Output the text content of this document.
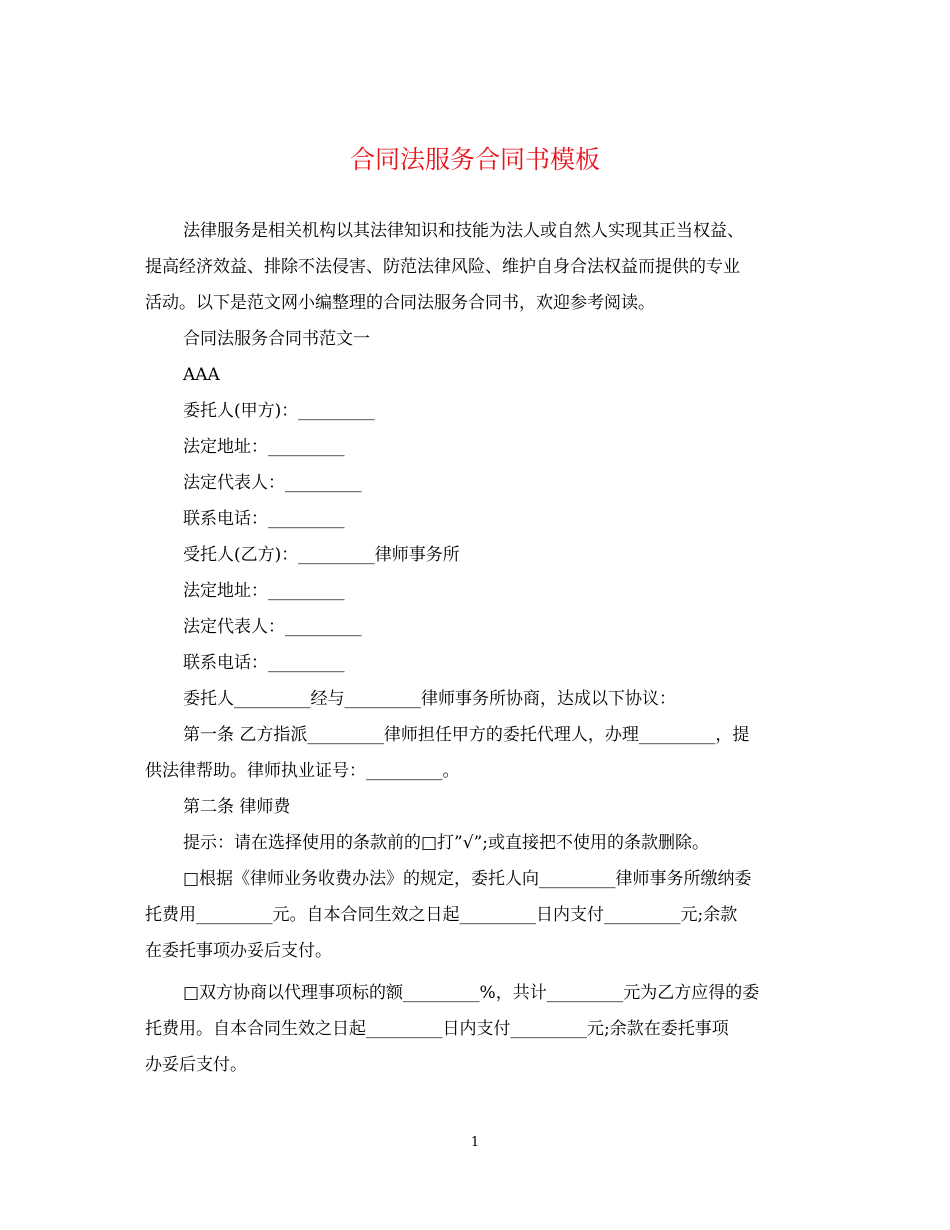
合同法服务合同书模板
法律服务是相关机构以其法律知识和技能为法人或自然人实现其正当权益、
提高经济效益、排除不法侵害、防范法律风险、维护自身合法权益而提供的专业
活动。以下是范文网小编整理的合同法服务合同书，欢迎参考阅读。
合同法服务合同书范文一
AAA
委托人(甲方)：_________
法定地址：_________
法定代表人：_________
联系电话：_________
受托人(乙方)：_________律师事务所
法定地址：_________
法定代表人：_________
联系电话：_________
委托人_________经与_________律师事务所协商，达成以下协议：
第一条 乙方指派_________律师担任甲方的委托代理人，办理_________，提
供法律帮助。律师执业证号：_________。
第二条 律师费
提示：请在选择使用的条款前的□打”√”;或直接把不使用的条款删除。
□根据《律师业务收费办法》的规定，委托人向_________律师事务所缴纳委
托费用_________元。自本合同生效之日起_________日内支付_________元;余款
在委托事项办妥后支付。
□双方协商以代理事项标的额_________%，共计_________元为乙方应得的委
托费用。自本合同生效之日起_________日内支付_________元;余款在委托事项
办妥后支付。
1
